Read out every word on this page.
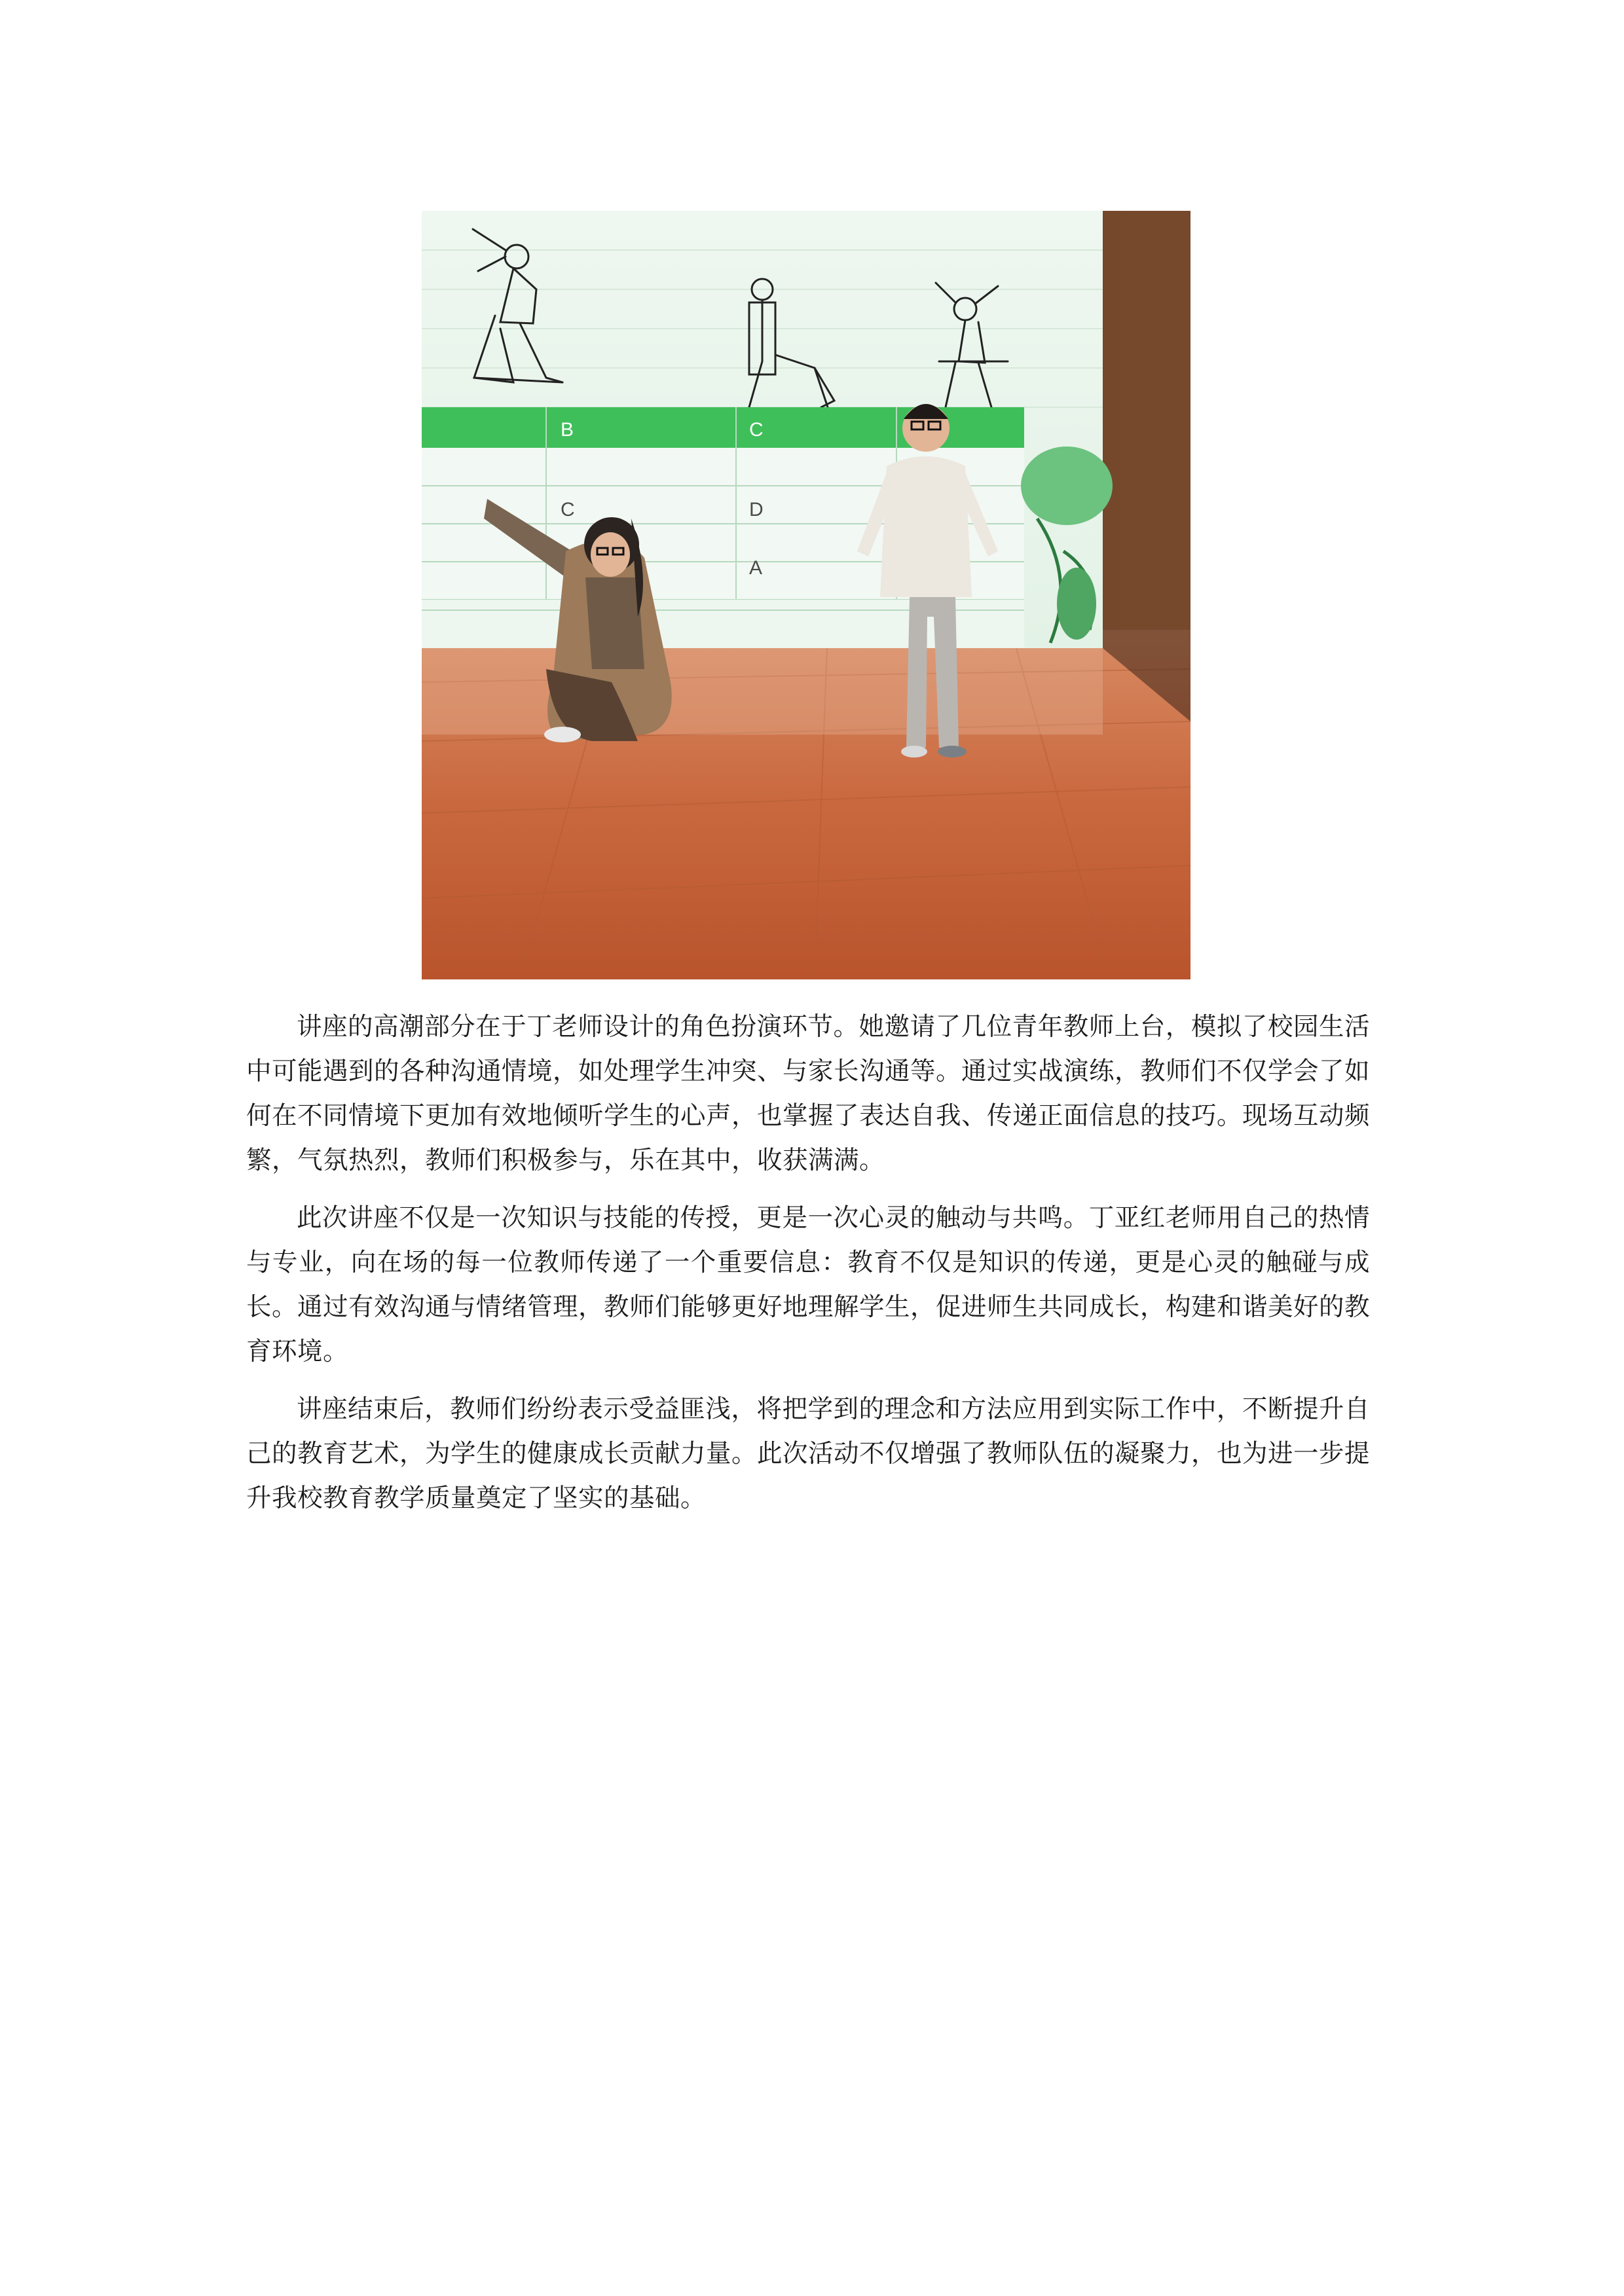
B	C
C	D
A

讲座的高潮部分在于丁老师设计的角色扮演环节。她邀请了几位青年教师上台，模拟了校园生活中可能遇到的各种沟通情境，如处理学生冲突、与家长沟通等。通过实战演练，教师们不仅学会了如何在不同情境下更加有效地倾听学生的心声，也掌握了表达自我、传递正面信息的技巧。现场互动频繁，气氛热烈，教师们积极参与，乐在其中，收获满满。

此次讲座不仅是一次知识与技能的传授，更是一次心灵的触动与共鸣。丁亚红老师用自己的热情与专业，向在场的每一位教师传递了一个重要信息：教育不仅是知识的传递，更是心灵的触碰与成长。通过有效沟通与情绪管理，教师们能够更好地理解学生，促进师生共同成长，构建和谐美好的教育环境。

讲座结束后，教师们纷纷表示受益匪浅，将把学到的理念和方法应用到实际工作中，不断提升自己的教育艺术，为学生的健康成长贡献力量。此次活动不仅增强了教师队伍的凝聚力，也为进一步提升我校教育教学质量奠定了坚实的基础。
